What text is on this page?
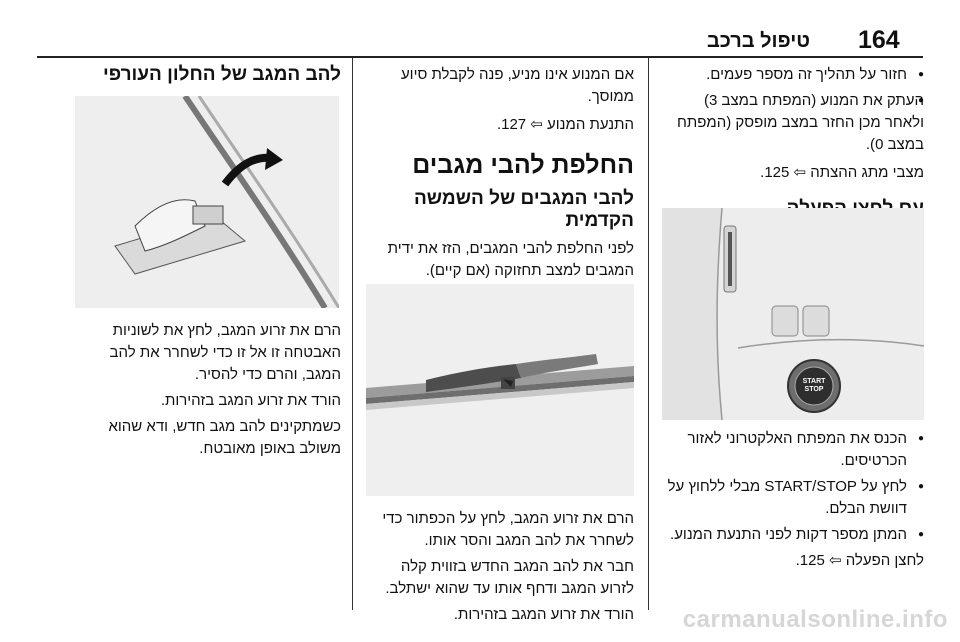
164
טיפול ברכב

● חזור על תהליך זה מספר פעמים.

● העתק את המנוע (המפתח במצב 3) ולאחר מכן החזר במצב מופסק (המפתח במצב 0).

מצבי מתג ההצתה ⇦ 125.

START STOP

● הכנס את המפתח האלקטרוני לאזור הכרטיסים.

● לחץ על START/STOP מבלי ללחוץ על דוושת הבלם.

● המתן מספר דקות לפני התנעת המנוע.

לחצן הפעלה ⇦ 125.

אם המנוע אינו מניע, פנה לקבלת סיוע ממוסך.

התנעת המנוע ⇦ 127.

החלפת להבי מגבים

להבי המגבים של השמשה הקדמית

לפני החלפת להבי המגבים, הזז את ידית המגבים למצב תחזוקה (אם קיים).

הרם את זרוע המגב, לחץ על הכפתור כדי לשחרר את להב המגב והסר אותו.

חבר את להב המגב החדש בזווית קלה לזרוע המגב ודחף אותו עד שהוא ישתלב.

הורד את זרוע המגב בזהירות.

להב המגב של החלון העורפי

הרם את זרוע המגב, לחץ את לשוניות האבטחה זו אל זו כדי לשחרר את להב המגב, והרם כדי להסיר.

הורד את זרוע המגב בזהירות.

כשמתקינים להב מגב חדש, ודא שהוא משולב באופן מאובטח.

carmanualsonline.info
